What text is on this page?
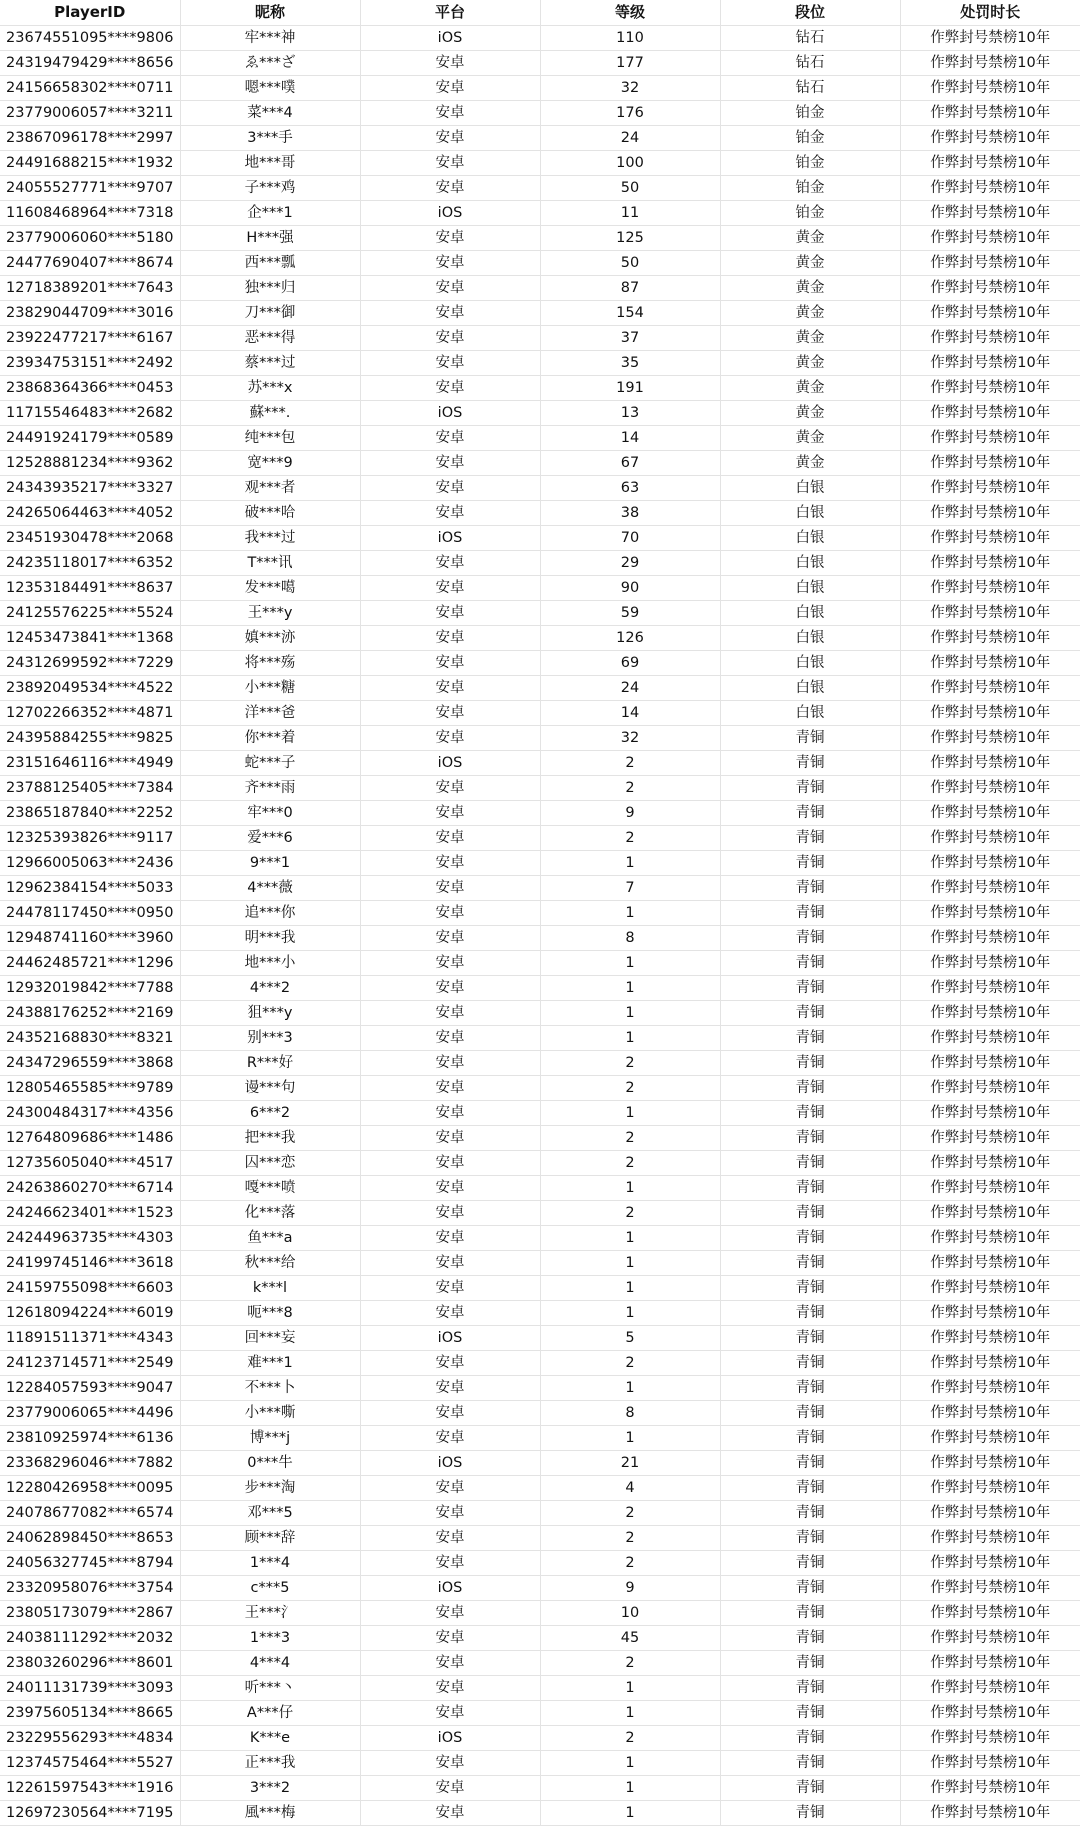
PlayerID	昵称	平台	等级	段位	处罚时长
23674551095****9806	牢***神	iOS	110	钻石	作弊封号禁榜10年
24319479429****8656	ゑ***ざ	安卓	177	钻石	作弊封号禁榜10年
24156658302****0711	嗯***噗	安卓	32	钻石	作弊封号禁榜10年
23779006057****3211	菜***4	安卓	176	铂金	作弊封号禁榜10年
23867096178****2997	3***手	安卓	24	铂金	作弊封号禁榜10年
24491688215****1932	地***哥	安卓	100	铂金	作弊封号禁榜10年
24055527771****9707	子***鸡	安卓	50	铂金	作弊封号禁榜10年
11608468964****7318	企***1	iOS	11	铂金	作弊封号禁榜10年
23779006060****5180	H***强	安卓	125	黄金	作弊封号禁榜10年
24477690407****8674	西***瓢	安卓	50	黄金	作弊封号禁榜10年
12718389201****7643	独***归	安卓	87	黄金	作弊封号禁榜10年
23829044709****3016	刀***御	安卓	154	黄金	作弊封号禁榜10年
23922477217****6167	恶***得	安卓	37	黄金	作弊封号禁榜10年
23934753151****2492	蔡***过	安卓	35	黄金	作弊封号禁榜10年
23868364366****0453	苏***x	安卓	191	黄金	作弊封号禁榜10年
11715546483****2682	蘇***.	iOS	13	黄金	作弊封号禁榜10年
24491924179****0589	纯***包	安卓	14	黄金	作弊封号禁榜10年
12528881234****9362	宽***9	安卓	67	黄金	作弊封号禁榜10年
24343935217****3327	观***者	安卓	63	白银	作弊封号禁榜10年
24265064463****4052	破***哈	安卓	38	白银	作弊封号禁榜10年
23451930478****2068	我***过	iOS	70	白银	作弊封号禁榜10年
24235118017****6352	T***讯	安卓	29	白银	作弊封号禁榜10年
12353184491****8637	发***噶	安卓	90	白银	作弊封号禁榜10年
24125576225****5524	王***y	安卓	59	白银	作弊封号禁榜10年
12453473841****1368	嫃***洂	安卓	126	白银	作弊封号禁榜10年
24312699592****7229	将***殇	安卓	69	白银	作弊封号禁榜10年
23892049534****4522	小***糖	安卓	24	白银	作弊封号禁榜10年
12702266352****4871	洋***爸	安卓	14	白银	作弊封号禁榜10年
24395884255****9825	你***着	安卓	32	青铜	作弊封号禁榜10年
23151646116****4949	蛇***子	iOS	2	青铜	作弊封号禁榜10年
23788125405****7384	齐***雨	安卓	2	青铜	作弊封号禁榜10年
23865187840****2252	牢***0	安卓	9	青铜	作弊封号禁榜10年
12325393826****9117	爱***6	安卓	2	青铜	作弊封号禁榜10年
12966005063****2436	9***1	安卓	1	青铜	作弊封号禁榜10年
12962384154****5033	4***薇	安卓	7	青铜	作弊封号禁榜10年
24478117450****0950	追***你	安卓	1	青铜	作弊封号禁榜10年
12948741160****3960	明***我	安卓	8	青铜	作弊封号禁榜10年
24462485721****1296	地***小	安卓	1	青铜	作弊封号禁榜10年
12932019842****7788	4***2	安卓	1	青铜	作弊封号禁榜10年
24388176252****2169	狙***y	安卓	1	青铜	作弊封号禁榜10年
24352168830****8321	别***3	安卓	1	青铜	作弊封号禁榜10年
24347296559****3868	R***好	安卓	2	青铜	作弊封号禁榜10年
12805465585****9789	谩***句	安卓	2	青铜	作弊封号禁榜10年
24300484317****4356	6***2	安卓	1	青铜	作弊封号禁榜10年
12764809686****1486	把***我	安卓	2	青铜	作弊封号禁榜10年
12735605040****4517	囚***恋	安卓	2	青铜	作弊封号禁榜10年
24263860270****6714	嘎***喷	安卓	1	青铜	作弊封号禁榜10年
24246623401****1523	化***落	安卓	2	青铜	作弊封号禁榜10年
24244963735****4303	鱼***a	安卓	1	青铜	作弊封号禁榜10年
24199745146****3618	秋***给	安卓	1	青铜	作弊封号禁榜10年
24159755098****6603	k***l	安卓	1	青铜	作弊封号禁榜10年
12618094224****6019	呃***8	安卓	1	青铜	作弊封号禁榜10年
11891511371****4343	回***妄	iOS	5	青铜	作弊封号禁榜10年
24123714571****2549	难***1	安卓	2	青铜	作弊封号禁榜10年
12284057593****9047	不***卜	安卓	1	青铜	作弊封号禁榜10年
23779006065****4496	小***嘶	安卓	8	青铜	作弊封号禁榜10年
23810925974****6136	博***j	安卓	1	青铜	作弊封号禁榜10年
23368296046****7882	0***牛	iOS	21	青铜	作弊封号禁榜10年
12280426958****0095	步***淘	安卓	4	青铜	作弊封号禁榜10年
24078677082****6574	邓***5	安卓	2	青铜	作弊封号禁榜10年
24062898450****8653	顾***辞	安卓	2	青铜	作弊封号禁榜10年
24056327745****8794	1***4	安卓	2	青铜	作弊封号禁榜10年
23320958076****3754	c***5	iOS	9	青铜	作弊封号禁榜10年
23805173079****2867	王***氵	安卓	10	青铜	作弊封号禁榜10年
24038111292****2032	1***3	安卓	45	青铜	作弊封号禁榜10年
23803260296****8601	4***4	安卓	2	青铜	作弊封号禁榜10年
24011131739****3093	听***丶	安卓	1	青铜	作弊封号禁榜10年
23975605134****8665	A***仔	安卓	1	青铜	作弊封号禁榜10年
23229556293****4834	K***e	iOS	2	青铜	作弊封号禁榜10年
12374575464****5527	正***我	安卓	1	青铜	作弊封号禁榜10年
12261597543****1916	3***2	安卓	1	青铜	作弊封号禁榜10年
12697230564****7195	風***梅	安卓	1	青铜	作弊封号禁榜10年
